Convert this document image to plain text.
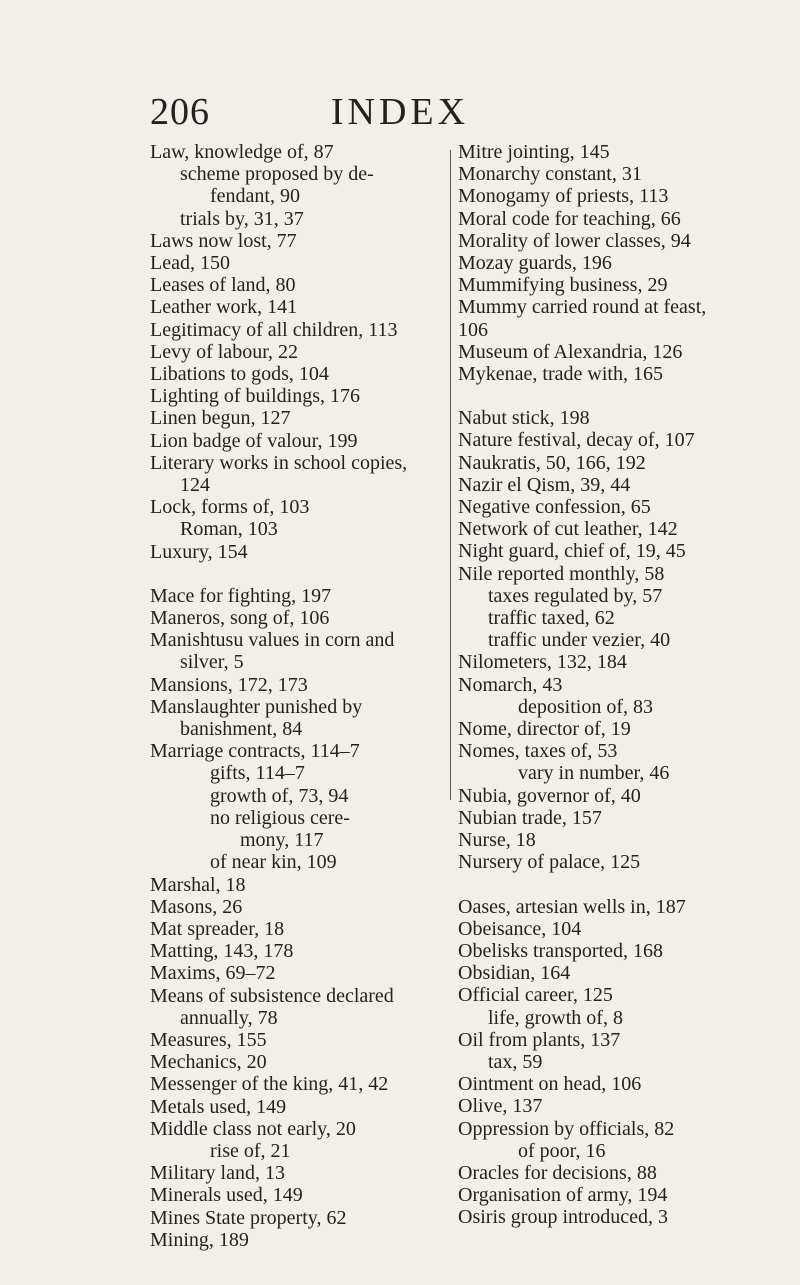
206	INDEX
Law, knowledge of, 87
scheme proposed by de-
fendant, 90
trials by, 31, 37
Laws now lost, 77
Lead, 150
Leases of land, 80
Leather work, 141
Legitimacy of all children, 113
Levy of labour, 22
Libations to gods, 104
Lighting of buildings, 176
Linen begun, 127
Lion badge of valour, 199
Literary works in school copies,
124
Lock, forms of, 103
Roman, 103
Luxury, 154
Mace for fighting, 197
Maneros, song of, 106
Manishtusu values in corn and
silver, 5
Mansions, 172, 173
Manslaughter punished by
banishment, 84
Marriage contracts, 114–7
gifts, 114–7
growth of, 73, 94
no religious cere-
mony, 117
of near kin, 109
Marshal, 18
Masons, 26
Mat spreader, 18
Matting, 143, 178
Maxims, 69–72
Means of subsistence declared
annually, 78
Measures, 155
Mechanics, 20
Messenger of the king, 41, 42
Metals used, 149
Middle class not early, 20
rise of, 21
Military land, 13
Minerals used, 149
Mines State property, 62
Mining, 189
Mitre jointing, 145
Monarchy constant, 31
Monogamy of priests, 113
Moral code for teaching, 66
Morality of lower classes, 94
Mozay guards, 196
Mummifying business, 29
Mummy carried round at feast,
106
Museum of Alexandria, 126
Mykenae, trade with, 165
Nabut stick, 198
Nature festival, decay of, 107
Naukratis, 50, 166, 192
Nazir el Qism, 39, 44
Negative confession, 65
Network of cut leather, 142
Night guard, chief of, 19, 45
Nile reported monthly, 58
taxes regulated by, 57
traffic taxed, 62
traffic under vezier, 40
Nilometers, 132, 184
Nomarch, 43
deposition of, 83
Nome, director of, 19
Nomes, taxes of, 53
vary in number, 46
Nubia, governor of, 40
Nubian trade, 157
Nurse, 18
Nursery of palace, 125
Oases, artesian wells in, 187
Obeisance, 104
Obelisks transported, 168
Obsidian, 164
Official career, 125
life, growth of, 8
Oil from plants, 137
tax, 59
Ointment on head, 106
Olive, 137
Oppression by officials, 82
of poor, 16
Oracles for decisions, 88
Organisation of army, 194
Osiris group introduced, 3
